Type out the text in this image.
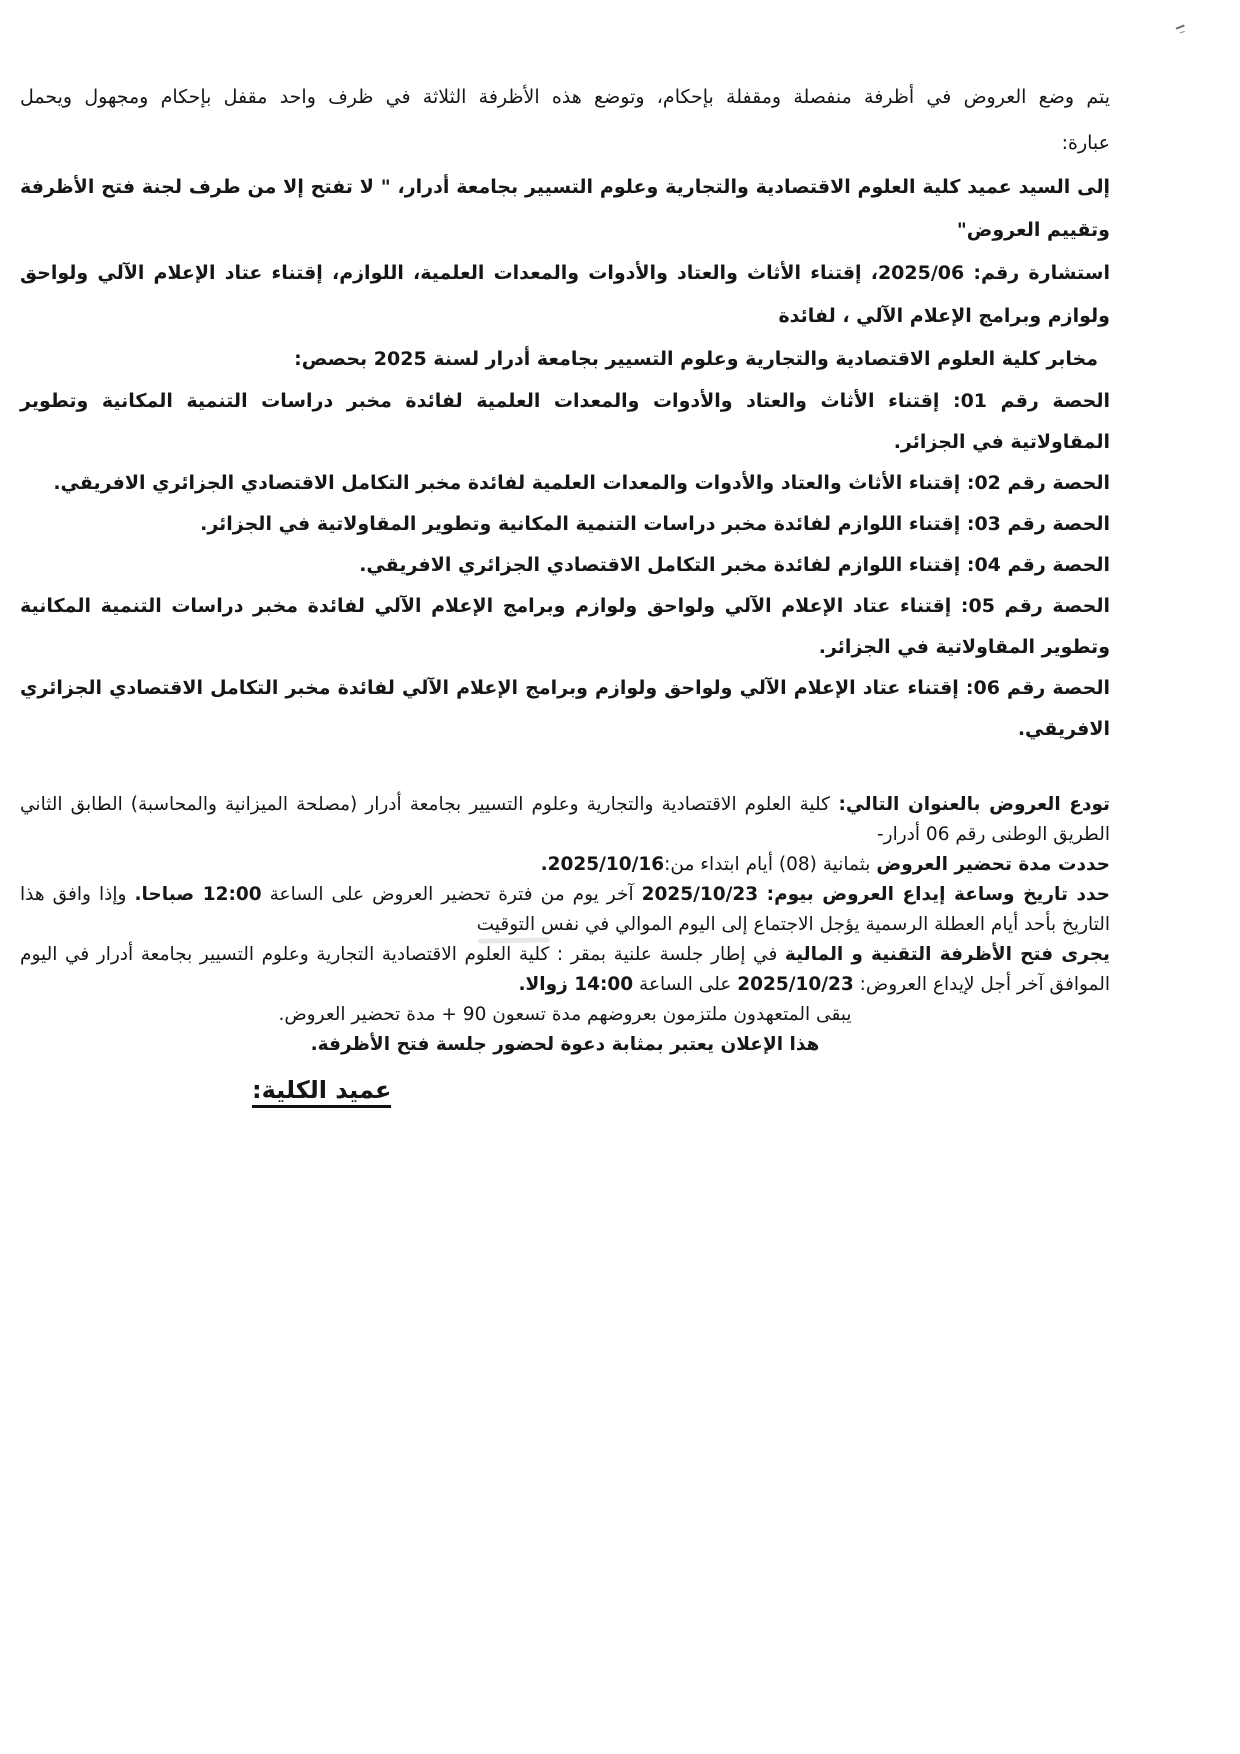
يتم وضع العروض في أظرفة منفصلة ومقفلة بإحكام، وتوضع هذه الأظرفة الثلاثة في ظرف واحد مقفل بإحكام ومجهول ويحمل عبارة:

إلى السيد عميد كلية العلوم الاقتصادية والتجارية وعلوم التسيير بجامعة أدرار، " لا تفتح إلا من طرف لجنة فتح الأظرفة وتقييم العروض"

استشارة رقم: 2025/06، إقتناء الأثاث والعتاد والأدوات والمعدات العلمية، اللوازم، إقتناء عتاد الإعلام الآلي ولواحق ولوازم وبرامج الإعلام الآلي ، لفائدة

مخابر كلية العلوم الاقتصادية والتجارية وعلوم التسيير بجامعة أدرار لسنة 2025 بحصص:

الحصة رقم 01: إقتناء الأثاث والعتاد والأدوات والمعدات العلمية لفائدة مخبر دراسات التنمية المكانية وتطوير المقاولاتية في الجزائر.

الحصة رقم 02: إقتناء الأثاث والعتاد والأدوات والمعدات العلمية لفائدة مخبر التكامل الاقتصادي الجزائري الافريقي.

الحصة رقم 03: إقتناء اللوازم لفائدة مخبر دراسات التنمية المكانية وتطوير المقاولاتية في الجزائر.

الحصة رقم 04: إقتناء اللوازم لفائدة مخبر التكامل الاقتصادي الجزائري الافريقي.

الحصة رقم 05: إقتناء عتاد الإعلام الآلي ولواحق ولوازم وبرامج الإعلام الآلي لفائدة مخبر دراسات التنمية المكانية وتطوير المقاولاتية في الجزائر.

الحصة رقم 06: إقتناء عتاد الإعلام الآلي ولواحق ولوازم وبرامج الإعلام الآلي لفائدة مخبر التكامل الاقتصادي الجزائري الافريقي.

تودع العروض بالعنوان التالي: كلية العلوم الاقتصادية والتجارية وعلوم التسيير بجامعة أدرار (مصلحة الميزانية والمحاسبة) الطابق الثاني الطريق الوطنى رقم 06 أدرار-

حددت مدة تحضير العروض بثمانية (08) أيام ابتداء من:2025/10/16.

حدد تاريخ وساعة إيداع العروض بيوم: 2025/10/23 آخر يوم من فترة تحضير العروض على الساعة 12:00 صباحا. وإذا وافق هذا التاريخ بأحد أيام العطلة الرسمية يؤجل الاجتماع إلى اليوم الموالي في نفس التوقيت

يجرى فتح الأظرفة التقنية و المالية في إطار جلسة علنية بمقر : كلية العلوم الاقتصادية التجارية وعلوم التسيير بجامعة أدرار في اليوم الموافق آخر أجل لإيداع العروض: 2025/10/23 على الساعة 14:00 زوالا.

يبقى المتعهدون ملتزمون بعروضهم مدة تسعون 90 + مدة تحضير العروض.

هذا الإعلان يعتبر بمثابة دعوة لحضور جلسة فتح الأظرفة.

عميد الكلية:
